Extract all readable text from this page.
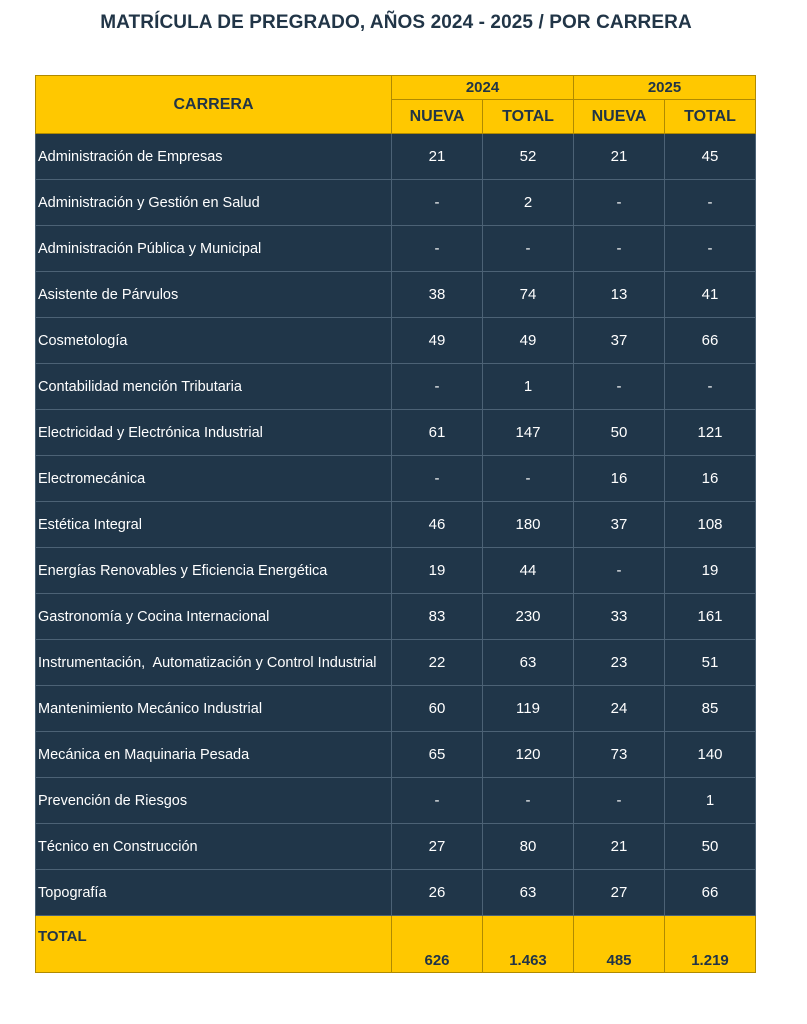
MATRÍCULA DE PREGRADO, AÑOS 2024 - 2025 / POR CARRERA
CARRERA	2024		2025	
	NUEVA	TOTAL	NUEVA	TOTAL
Administración de Empresas	21	52	21	45
Administración y Gestión en Salud	-	2	-	-
Administración Pública y Municipal	-	-	-	-
Asistente de Párvulos	38	74	13	41
Cosmetología	49	49	37	66
Contabilidad mención Tributaria	-	1	-	-
Electricidad y Electrónica Industrial	61	147	50	121
Electromecánica	-	-	16	16
Estética Integral	46	180	37	108
Energías Renovables y Eficiencia Energética	19	44	-	19
Gastronomía y Cocina Internacional	83	230	33	161
Instrumentación,  Automatización y Control Industrial	22	63	23	51
Mantenimiento Mecánico Industrial	60	119	24	85
Mecánica en Maquinaria Pesada	65	120	73	140
Prevención de Riesgos	-	-	-	1
Técnico en Construcción	27	80	21	50
Topografía	26	63	27	66
TOTAL	626	1.463	485	1.219
